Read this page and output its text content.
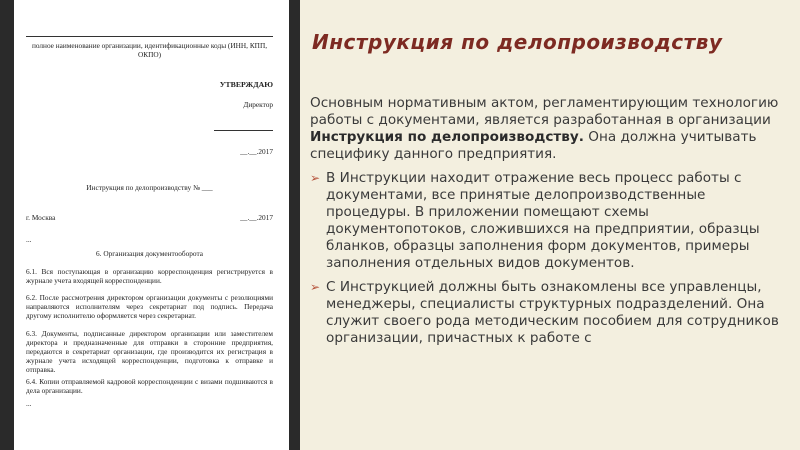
полное наименование организации, идентификационные коды (ИНН, КПП, ОКПО)
УТВЕРЖДАЮ
Директор
__.__.2017
Инструкция по делопроизводству № ___
г. Москва	__.__.2017
...
6. Организация документооборота

6.1. Вся поступающая в организацию корреспонденция регистрируется в журнале учета входящей корреспонденции.

6.2. После рассмотрения директором организации документы с резолюциями направляются исполнителям через секретариат под подпись. Передача другому исполнителю оформляется через секретариат.

6.3. Документы, подписанные директором организации или заместителем директора и предназначенные для отправки в сторонние предприятия, передаются в секретариат организации, где производится их регистрация в журнале учета исходящей корреспонденции, подготовка к отправке и отправка.

6.4. Копии отправляемой кадровой корреспонденции с визами подшиваются в дела организации.

...
Инструкция по делопроизводству

Основным нормативным актом, регламентирующим технологию работы с документами, является разработанная в организации Инструкция по делопроизводству. Она должна учитывать специфику данного предприятия.

➢ В Инструкции находит отражение весь процесс работы с документами, все принятые делопроизводственные процедуры. В приложении помещают схемы документопотоков, сложившихся на предприятии, образцы бланков, образцы заполнения форм документов, примеры заполнения отдельных видов документов.
➢ С Инструкцией должны быть ознакомлены все управленцы, менеджеры, специалисты структурных подразделений. Она служит своего рода методическим пособием для сотрудников организации, причастных к работе с
